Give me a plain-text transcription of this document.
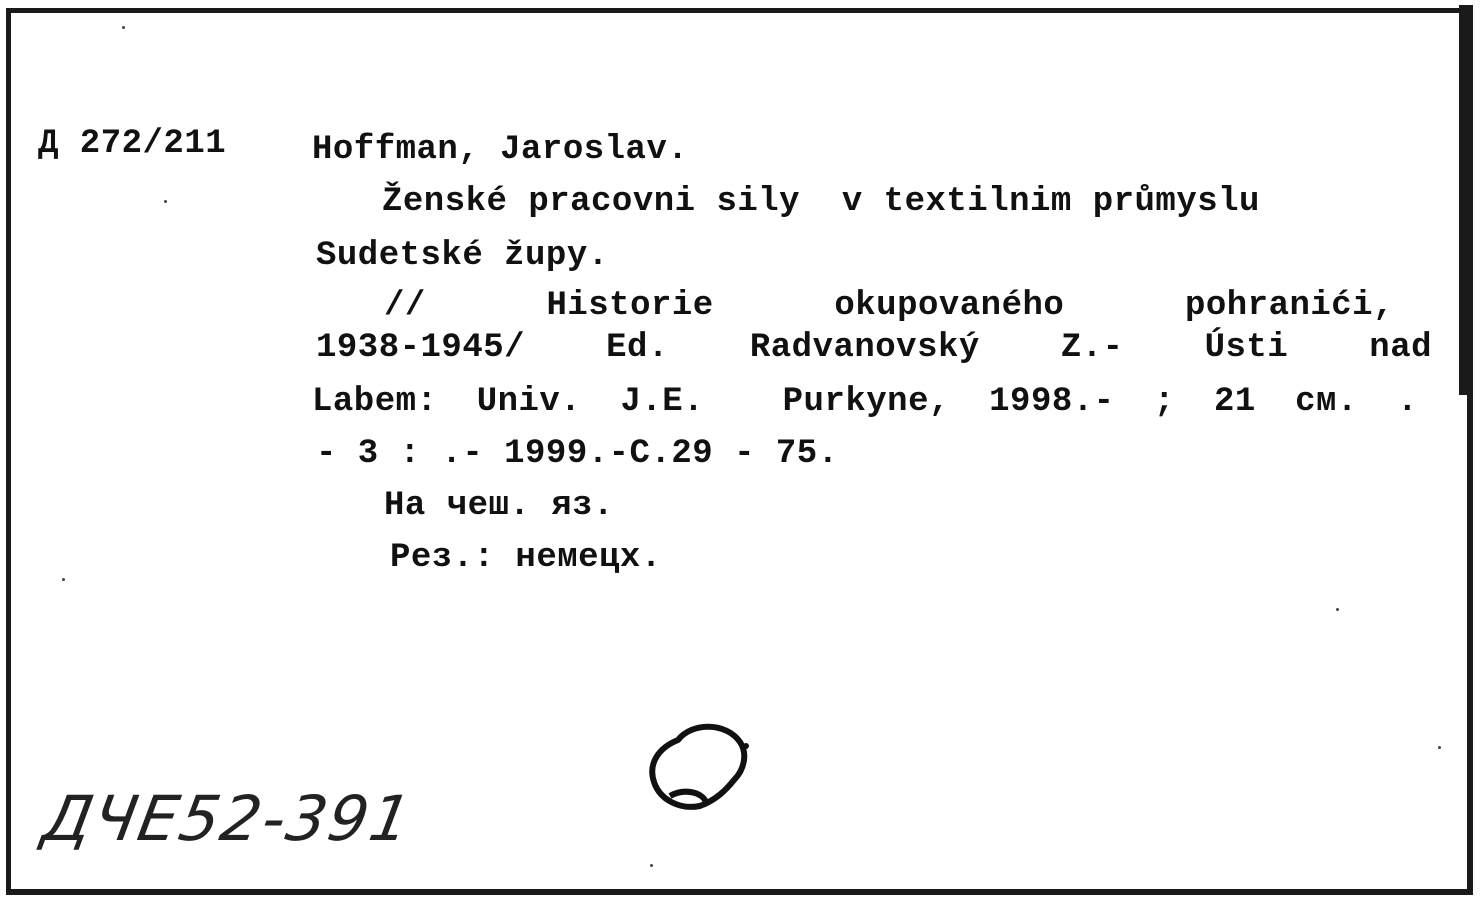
Д 272/211	Hoffman, Jaroslav.
Ženské pracovni sily  v textilnim průmyslu
Sudetské župy.
//  Historie  okupovaného  pohranići,
1938-1945/  Ed.  Radvanovský  Z.-  Ústi  nad
Labem: Univ. J.E.  Purkyne, 1998.- ; 21 cм. .
- 3 : .- 1999.-C.29 - 75.
На чеш. яз.
Рез.: немецх.
ДЧЕ52-391
